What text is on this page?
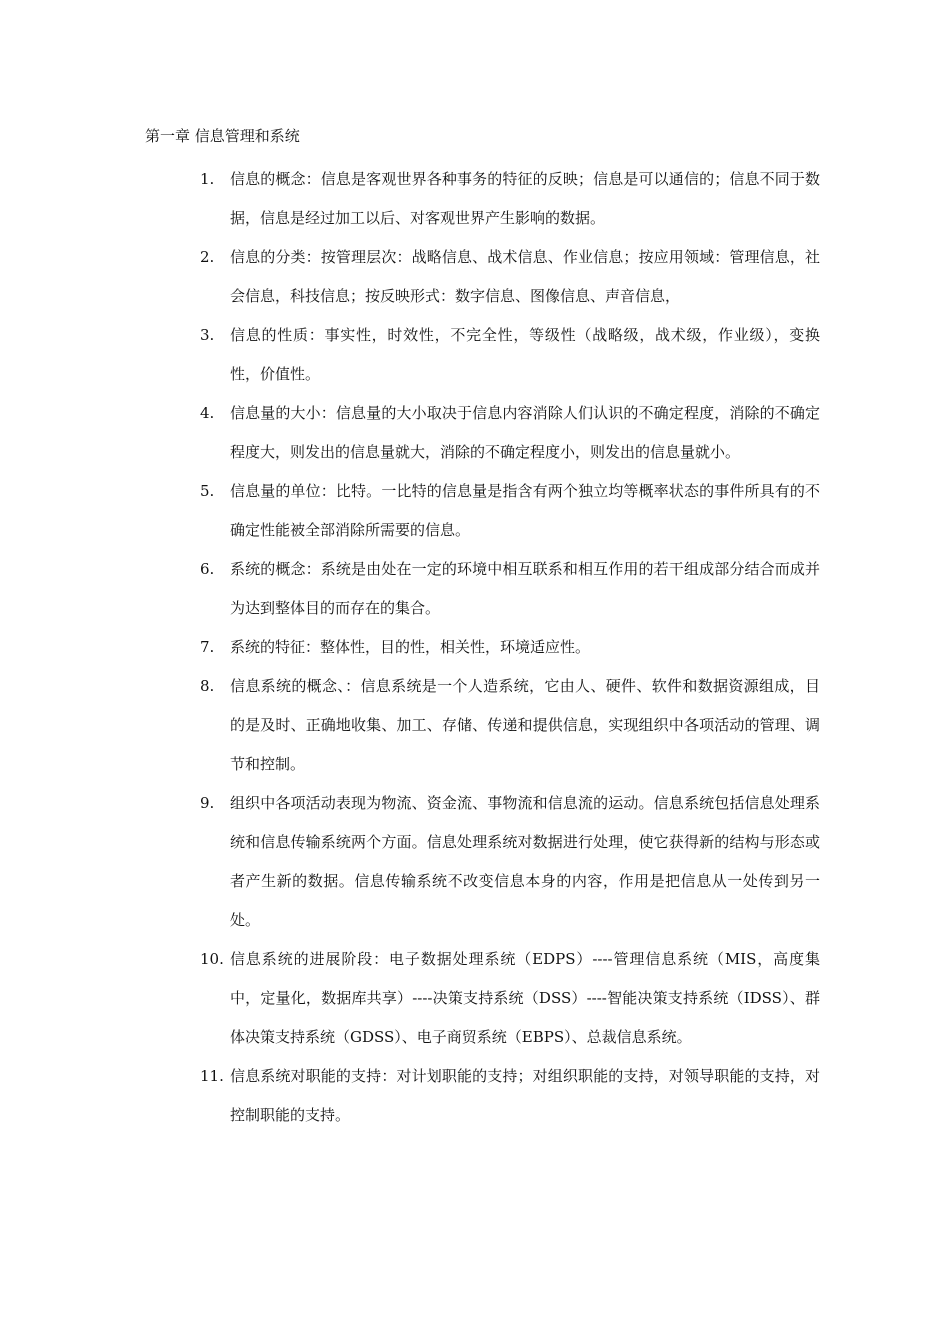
第一章 信息管理和系统
1.	信息的概念：信息是客观世界各种事务的特征的反映；信息是可以通信的；信息不同于数据，信息是经过加工以后、对客观世界产生影响的数据。
2.	信息的分类：按管理层次：战略信息、战术信息、作业信息；按应用领域：管理信息，社会信息，科技信息；按反映形式：数字信息、图像信息、声音信息，
3.	信息的性质：事实性，时效性，不完全性，等级性（战略级，战术级，作业级），变换性，价值性。
4.	信息量的大小：信息量的大小取决于信息内容消除人们认识的不确定程度，消除的不确定程度大，则发出的信息量就大，消除的不确定程度小，则发出的信息量就小。
5.	信息量的单位：比特。一比特的信息量是指含有两个独立均等概率状态的事件所具有的不确定性能被全部消除所需要的信息。
6.	系统的概念：系统是由处在一定的环境中相互联系和相互作用的若干组成部分结合而成并为达到整体目的而存在的集合。
7.	系统的特征：整体性，目的性，相关性，环境适应性。
8.	信息系统的概念、：信息系统是一个人造系统，它由人、硬件、软件和数据资源组成，目的是及时、正确地收集、加工、存储、传递和提供信息，实现组织中各项活动的管理、调节和控制。
9.	组织中各项活动表现为物流、资金流、事物流和信息流的运动。信息系统包括信息处理系统和信息传输系统两个方面。信息处理系统对数据进行处理，使它获得新的结构与形态或者产生新的数据。信息传输系统不改变信息本身的内容，作用是把信息从一处传到另一处。
10. 信息系统的进展阶段：电子数据处理系统（EDPS）----管理信息系统（MIS，高度集中，定量化，数据库共享）----决策支持系统（DSS）----智能决策支持系统（IDSS）、群体决策支持系统（GDSS）、电子商贸系统（EBPS）、总裁信息系统。
11. 信息系统对职能的支持：对计划职能的支持；对组织职能的支持，对领导职能的支持，对控制职能的支持。
